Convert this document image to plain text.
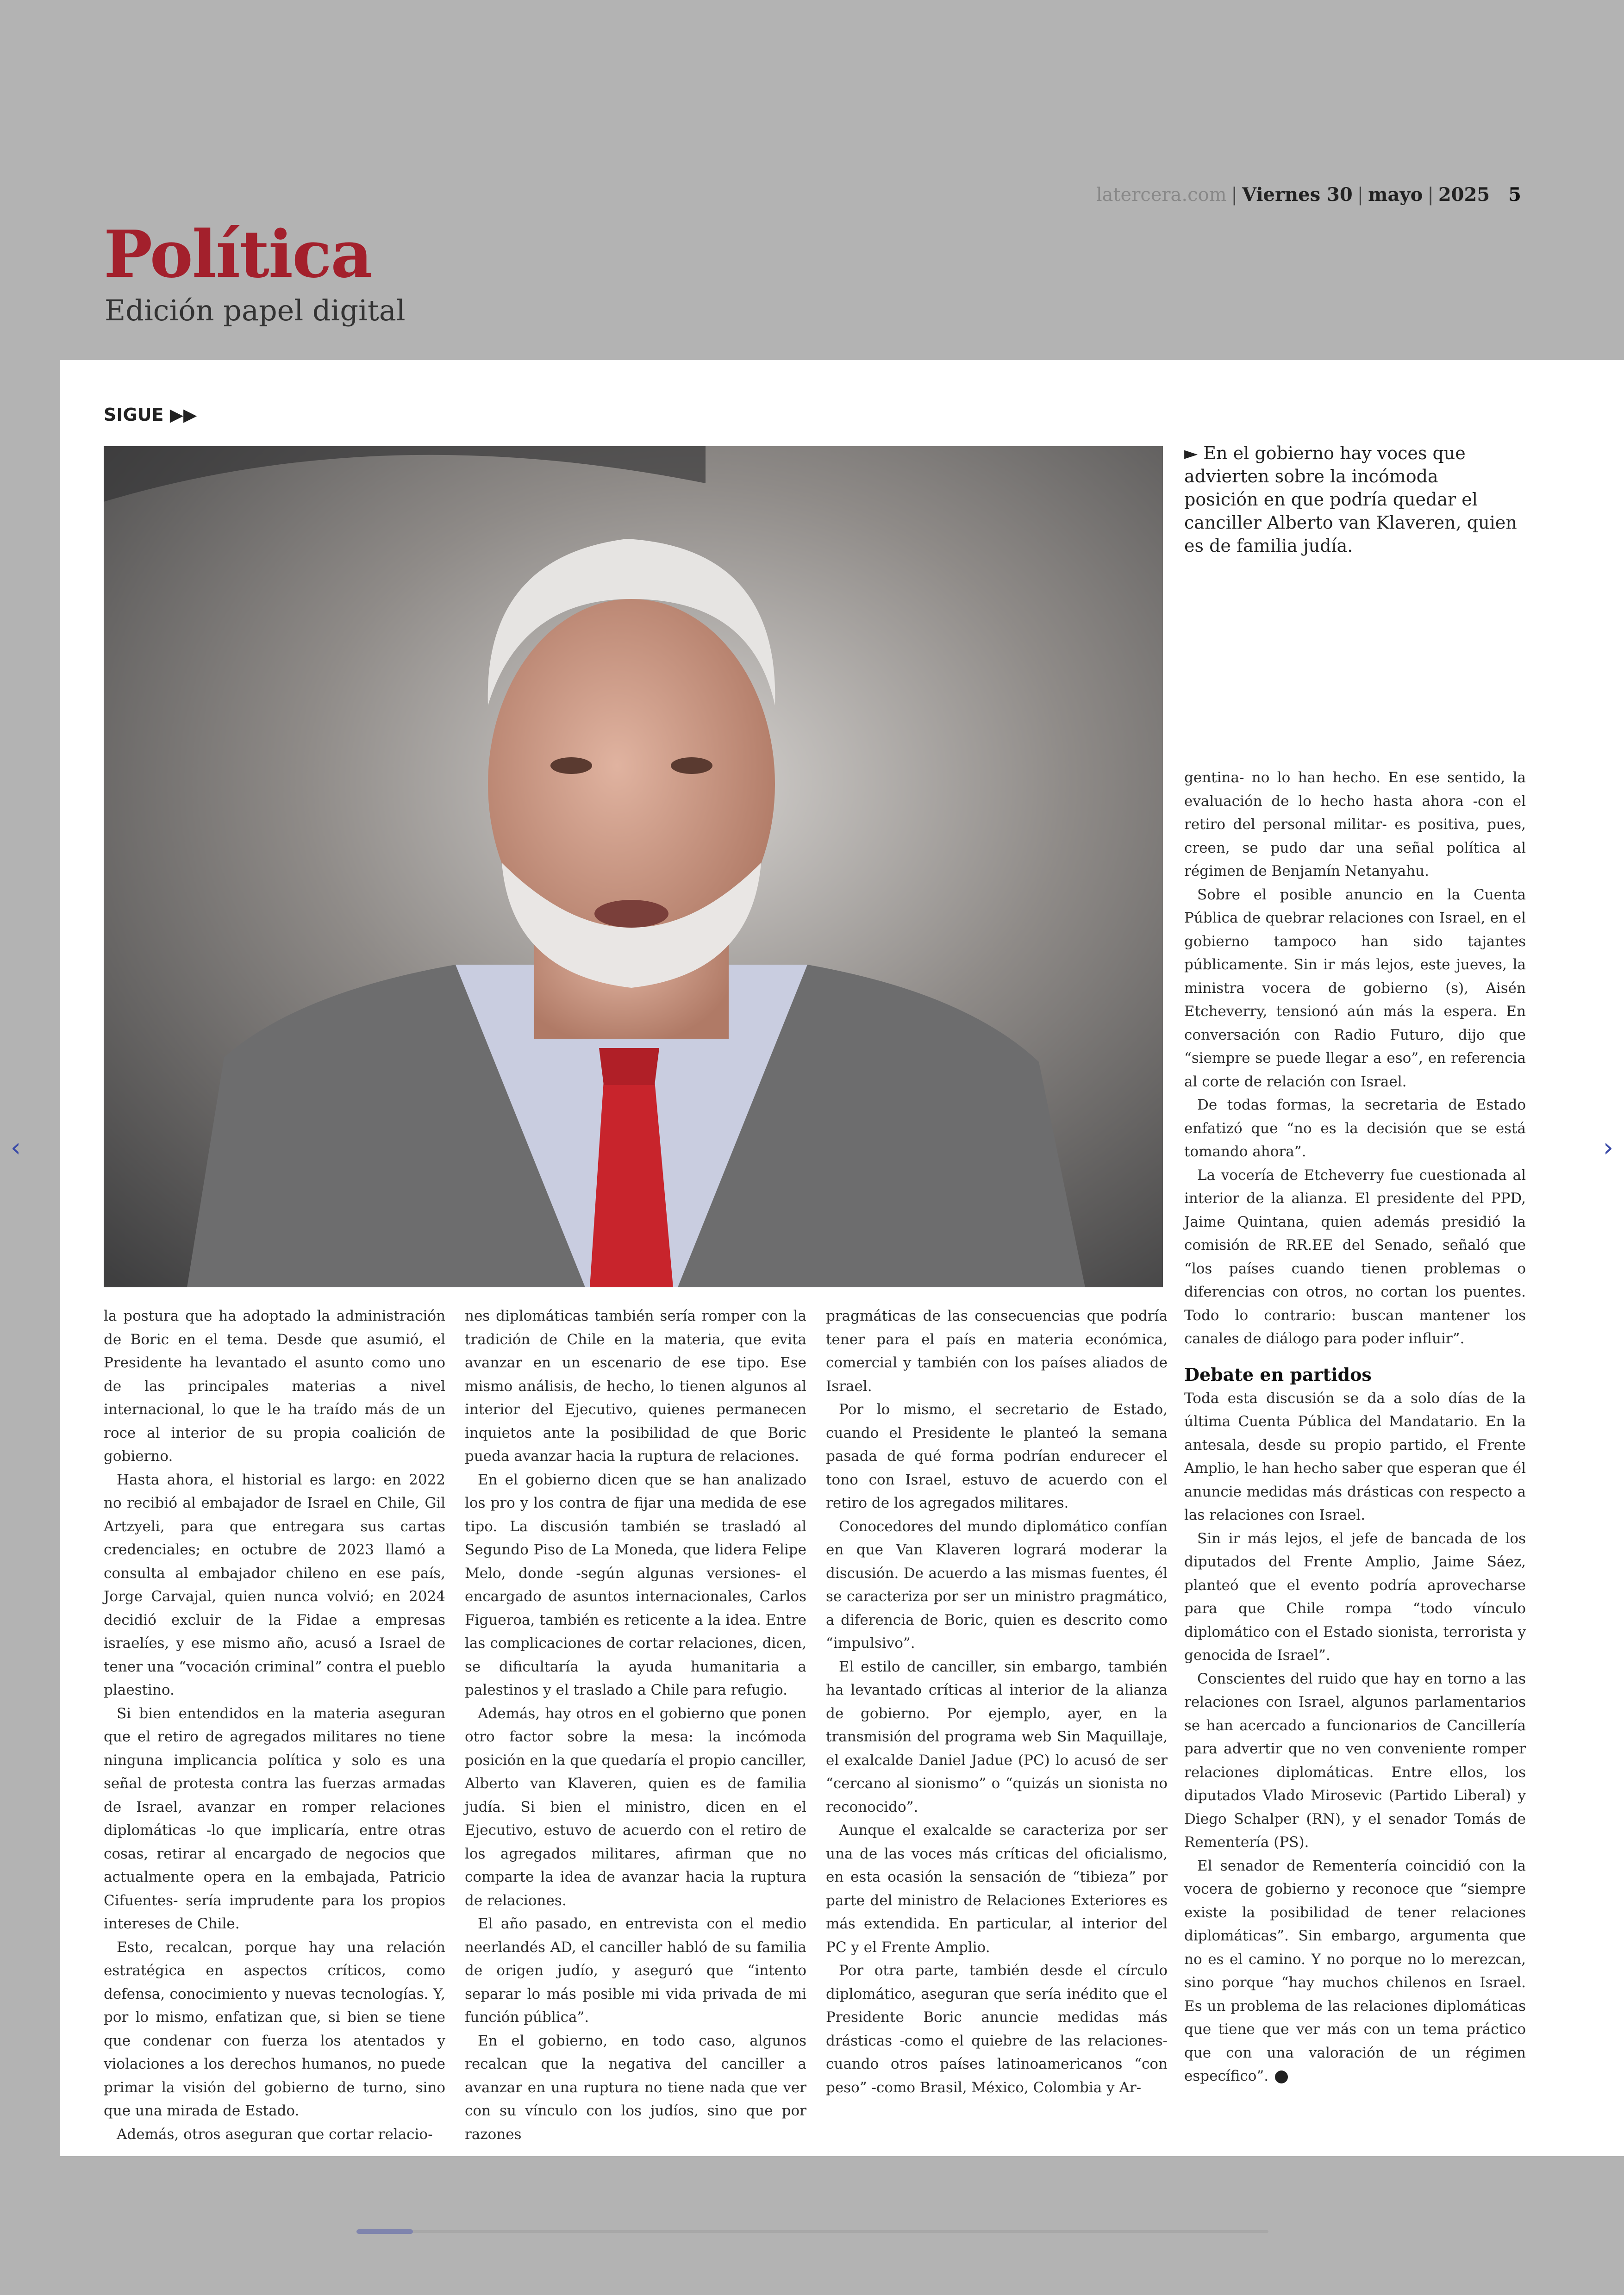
latercera.com | Viernes 30 | mayo | 2025 5
Política
Edición papel digital
SIGUE ▶▶
► En el gobierno hay voces que advierten sobre la incómoda posición en que podría quedar el canciller Alberto van Klaveren, quien es de familia judía.

la postura que ha adoptado la administración de Boric en el tema. Desde que asumió, el Presidente ha levantado el asunto como uno de las principales materias a nivel internacional, lo que le ha traído más de un roce al interior de su propia coalición de gobierno.

Hasta ahora, el historial es largo: en 2022 no recibió al embajador de Israel en Chile, Gil Artzyeli, para que entregara sus cartas credenciales; en octubre de 2023 llamó a consulta al embajador chileno en ese país, Jorge Carvajal, quien nunca volvió; en 2024 decidió excluir de la Fidae a empresas israelíes, y ese mismo año, acusó a Israel de tener una “vocación criminal” contra el pueblo plaestino.

Si bien entendidos en la materia aseguran que el retiro de agregados militares no tiene ninguna implicancia política y solo es una señal de protesta contra las fuerzas armadas de Israel, avanzar en romper relaciones diplomáticas -lo que implicaría, entre otras cosas, retirar al encargado de negocios que actualmente opera en la embajada, Patricio Cifuentes- sería imprudente para los propios intereses de Chile.

Esto, recalcan, porque hay una relación estratégica en aspectos críticos, como defensa, conocimiento y nuevas tecnologías. Y, por lo mismo, enfatizan que, si bien se tiene que condenar con fuerza los atentados y violaciones a los derechos humanos, no puede primar la visión del gobierno de turno, sino que una mirada de Estado.

Además, otros aseguran que cortar relacio-

nes diplomáticas también sería romper con la tradición de Chile en la materia, que evita avanzar en un escenario de ese tipo. Ese mismo análisis, de hecho, lo tienen algunos al interior del Ejecutivo, quienes permanecen inquietos ante la posibilidad de que Boric pueda avanzar hacia la ruptura de relaciones.

En el gobierno dicen que se han analizado los pro y los contra de fijar una medida de ese tipo. La discusión también se trasladó al Segundo Piso de La Moneda, que lidera Felipe Melo, donde -según algunas versiones- el encargado de asuntos internacionales, Carlos Figueroa, también es reticente a la idea. Entre las complicaciones de cortar relaciones, dicen, se dificultaría la ayuda humanitaria a palestinos y el traslado a Chile para refugio.

Además, hay otros en el gobierno que ponen otro factor sobre la mesa: la incómoda posición en la que quedaría el propio canciller, Alberto van Klaveren, quien es de familia judía. Si bien el ministro, dicen en el Ejecutivo, estuvo de acuerdo con el retiro de los agregados militares, afirman que no comparte la idea de avanzar hacia la ruptura de relaciones.

El año pasado, en entrevista con el medio neerlandés AD, el canciller habló de su familia de origen judío, y aseguró que “intento separar lo más posible mi vida privada de mi función pública”.

En el gobierno, en todo caso, algunos recalcan que la negativa del canciller a avanzar en una ruptura no tiene nada que ver con su vínculo con los judíos, sino que por razones

pragmáticas de las consecuencias que podría tener para el país en materia económica, comercial y también con los países aliados de Israel.

Por lo mismo, el secretario de Estado, cuando el Presidente le planteó la semana pasada de qué forma podrían endurecer el tono con Israel, estuvo de acuerdo con el retiro de los agregados militares.

Conocedores del mundo diplomático confían en que Van Klaveren logrará moderar la discusión. De acuerdo a las mismas fuentes, él se caracteriza por ser un ministro pragmático, a diferencia de Boric, quien es descrito como “impulsivo”.

El estilo de canciller, sin embargo, también ha levantado críticas al interior de la alianza de gobierno. Por ejemplo, ayer, en la transmisión del programa web Sin Maquillaje, el exalcalde Daniel Jadue (PC) lo acusó de ser “cercano al sionismo” o “quizás un sionista no reconocido”.

Aunque el exalcalde se caracteriza por ser una de las voces más críticas del oficialismo, en esta ocasión la sensación de “tibieza” por parte del ministro de Relaciones Exteriores es más extendida. En particular, al interior del PC y el Frente Amplio.

Por otra parte, también desde el círculo diplomático, aseguran que sería inédito que el Presidente Boric anuncie medidas más drásticas -como el quiebre de las relaciones- cuando otros países latinoamericanos “con peso” -como Brasil, México, Colombia y Ar-

gentina- no lo han hecho. En ese sentido, la evaluación de lo hecho hasta ahora -con el retiro del personal militar- es positiva, pues, creen, se pudo dar una señal política al régimen de Benjamín Netanyahu.

Sobre el posible anuncio en la Cuenta Pública de quebrar relaciones con Israel, en el gobierno tampoco han sido tajantes públicamente. Sin ir más lejos, este jueves, la ministra vocera de gobierno (s), Aisén Etcheverry, tensionó aún más la espera. En conversación con Radio Futuro, dijo que “siempre se puede llegar a eso”, en referencia al corte de relación con Israel.

De todas formas, la secretaria de Estado enfatizó que “no es la decisión que se está tomando ahora”.

La vocería de Etcheverry fue cuestionada al interior de la alianza. El presidente del PPD, Jaime Quintana, quien además presidió la comisión de RR.EE del Senado, señaló que “los países cuando tienen problemas o diferencias con otros, no cortan los puentes. Todo lo contrario: buscan mantener los canales de diálogo para poder influir”.

Debate en partidos

Toda esta discusión se da a solo días de la última Cuenta Pública del Mandatario. En la antesala, desde su propio partido, el Frente Amplio, le han hecho saber que esperan que él anuncie medidas más drásticas con respecto a las relaciones con Israel.

Sin ir más lejos, el jefe de bancada de los diputados del Frente Amplio, Jaime Sáez, planteó que el evento podría aprovecharse para que Chile rompa “todo vínculo diplomático con el Estado sionista, terrorista y genocida de Israel”.

Conscientes del ruido que hay en torno a las relaciones con Israel, algunos parlamentarios se han acercado a funcionarios de Cancillería para advertir que no ven conveniente romper relaciones diplomáticas. Entre ellos, los diputados Vlado Mirosevic (Partido Liberal) y Diego Schalper (RN), y el senador Tomás de Rementería (PS).

El senador de Rementería coincidió con la vocera de gobierno y reconoce que “siempre existe la posibilidad de tener relaciones diplomáticas”. Sin embargo, argumenta que no es el camino. Y no porque no lo merezcan, sino porque “hay muchos chilenos en Israel. Es un problema de las relaciones diplomáticas que tiene que ver más con un tema práctico que con una valoración de un régimen específico”.

‹	›
